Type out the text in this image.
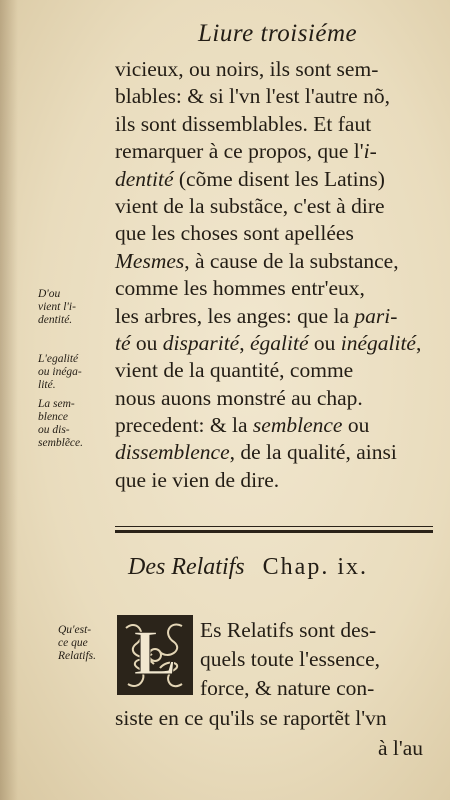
Liure troisiéme
vicieux, ou noirs, ils sont sem-
blables: & si l'vn l'est l'autre nõ,
ils sont dissemblables. Et faut
remarquer à ce propos, que l'i-
dentité (cõme disent les Latins)
vient de la substãce, c'est à dire
que les choses sont apellées
Mesmes, à cause de la substance,
comme les hommes entr'eux,
les arbres, les anges: que la pari-
té ou disparité, égalité ou inégalité,
vient de la quantité, comme
nous auons monstré au chap.
precedent: & la semblence ou
dissemblence, de la qualité, ainsi
que ie vien de dire.
D'ou
vient l'i-
dentité.
L'egalité
ou inéga-
lité.
La sem-
blence
ou dis-
semblẽce.
Des Relatifs Chap. ix.
Qu'est-
ce que
Relatifs. L Es Relatifs sont des-
quels toute l'essence,
force, & nature con-
siste en ce qu'ils se raportẽt l'vn
à l'au
